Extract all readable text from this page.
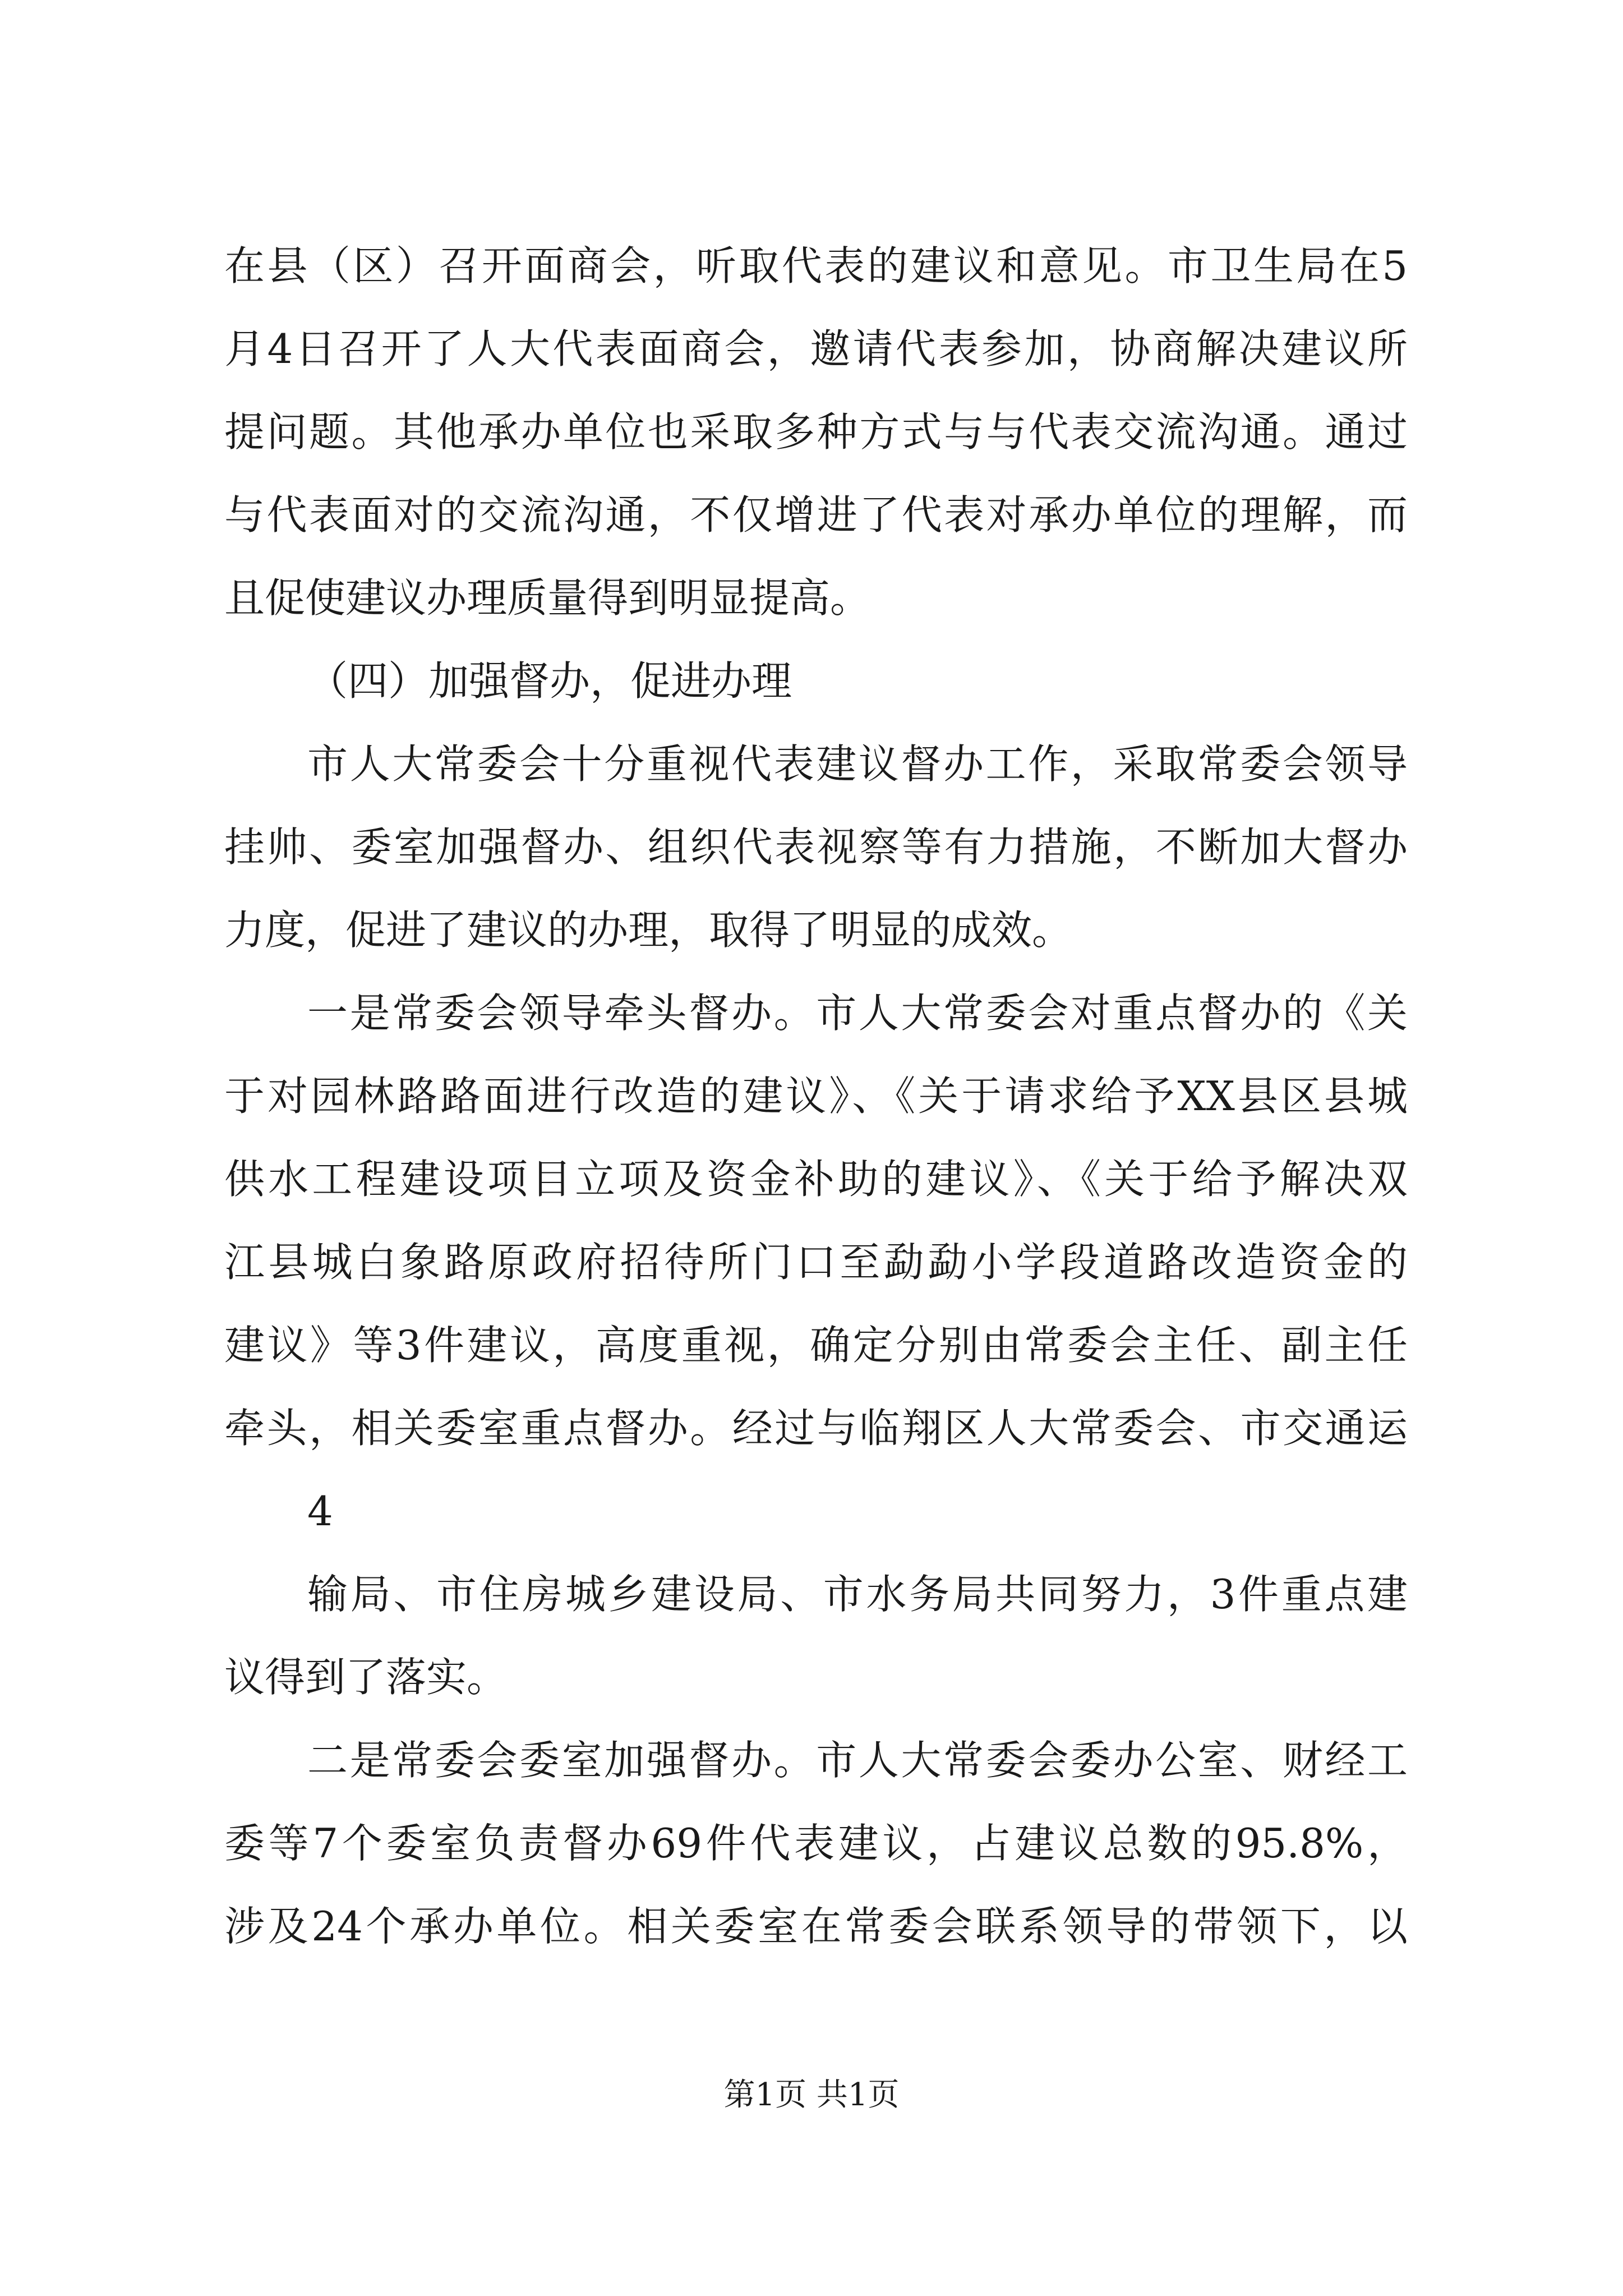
在县（区）召开面商会，听取代表的建议和意见。市卫生局在5
月4日召开了人大代表面商会，邀请代表参加，协商解决建议所
提问题。其他承办单位也采取多种方式与与代表交流沟通。通过
与代表面对的交流沟通，不仅增进了代表对承办单位的理解，而
且促使建议办理质量得到明显提高。
（四）加强督办，促进办理
市人大常委会十分重视代表建议督办工作，采取常委会领导
挂帅、委室加强督办、组织代表视察等有力措施，不断加大督办
力度，促进了建议的办理，取得了明显的成效。
一是常委会领导牵头督办。市人大常委会对重点督办的《关
于对园林路路面进行改造的建议》、《关于请求给予XX县区县城
供水工程建设项目立项及资金补助的建议》、《关于给予解决双
江县城白象路原政府招待所门口至勐勐小学段道路改造资金的
建议》等3件建议，高度重视，确定分别由常委会主任、副主任
牵头，相关委室重点督办。经过与临翔区人大常委会、市交通运
4
输局、市住房城乡建设局、市水务局共同努力，3件重点建
议得到了落实。
二是常委会委室加强督办。市人大常委会委办公室、财经工
委等7个委室负责督办69件代表建议，占建议总数的95.8%，
涉及24个承办单位。相关委室在常委会联系领导的带领下，以
第1页 共1页
